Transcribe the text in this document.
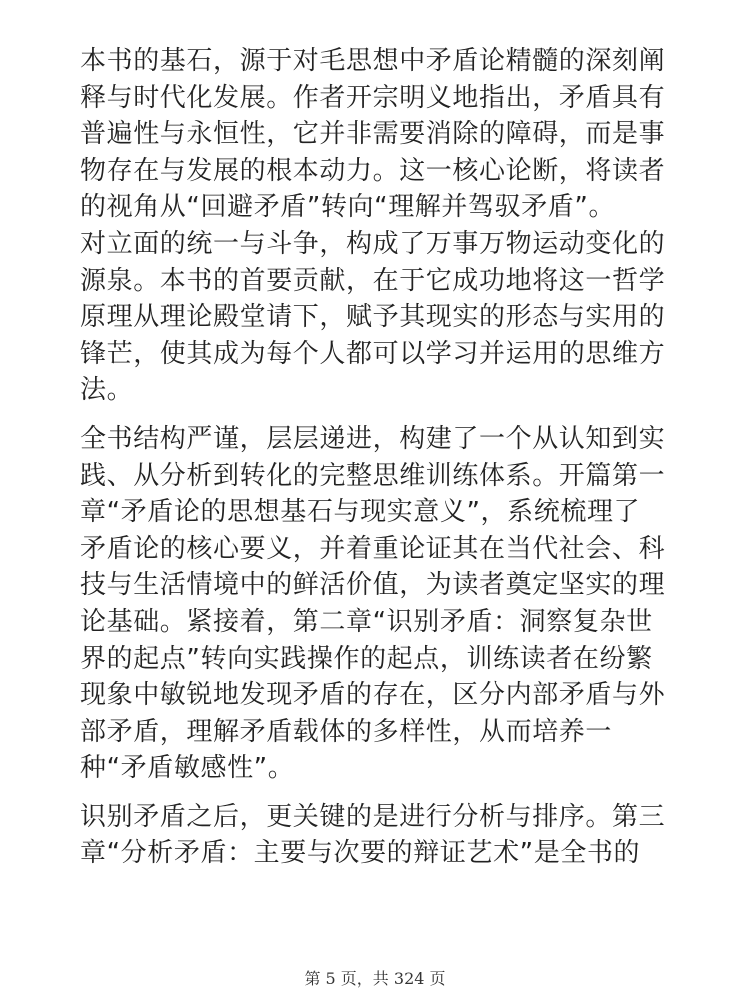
本书的基石，源于对毛思想中矛盾论精髓的深刻阐
释与时代化发展。作者开宗明义地指出，矛盾具有
普遍性与永恒性，它并非需要消除的障碍，而是事
物存在与发展的根本动力。这一核心论断，将读者
的视角从“回避矛盾”转向“理解并驾驭矛盾”。
对立面的统一与斗争，构成了万事万物运动变化的
源泉。本书的首要贡献，在于它成功地将这一哲学
原理从理论殿堂请下，赋予其现实的形态与实用的
锋芒，使其成为每个人都可以学习并运用的思维方
法。

全书结构严谨，层层递进，构建了一个从认知到实
践、从分析到转化的完整思维训练体系。开篇第一
章“矛盾论的思想基石与现实意义”，系统梳理了
矛盾论的核心要义，并着重论证其在当代社会、科
技与生活情境中的鲜活价值，为读者奠定坚实的理
论基础。紧接着，第二章“识别矛盾：洞察复杂世
界的起点”转向实践操作的起点，训练读者在纷繁
现象中敏锐地发现矛盾的存在，区分内部矛盾与外
部矛盾，理解矛盾载体的多样性，从而培养一
种“矛盾敏感性”。

识别矛盾之后，更关键的是进行分析与排序。第三
章“分析矛盾：主要与次要的辩证艺术”是全书的

第 5 页，共 324 页
